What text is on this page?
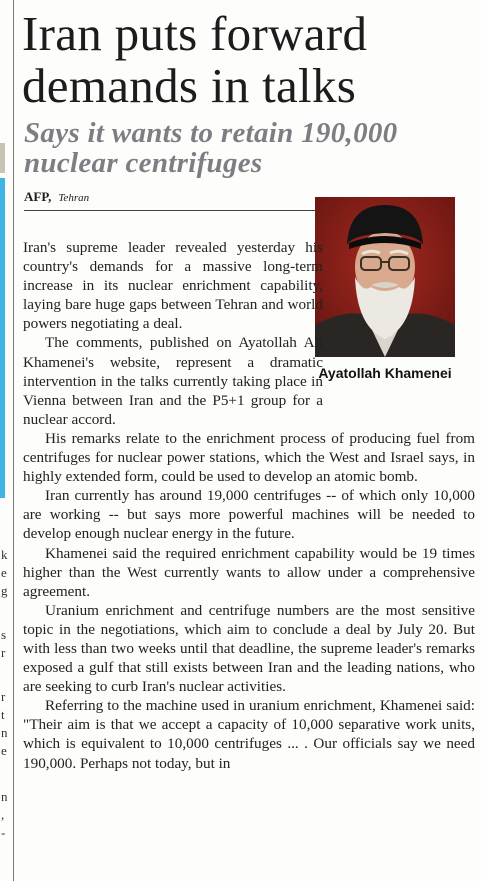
k
e
g
s
r
r
t
n
e
n
,
-
Iran puts forward demands in talks
Says it wants to retain 190,000 nuclear centrifuges
AFP, Tehran
Ayatollah Khamenei

Iran's supreme leader revealed yesterday his country's demands for a massive long-term increase in its nuclear enrichment capability, laying bare huge gaps between Tehran and world powers negotiating a deal.

The comments, published on Ayatollah Ali Khamenei's website, represent a dramatic intervention in the talks currently taking place in Vienna between Iran and the P5+1 group for a nuclear accord.

His remarks relate to the enrichment process of producing fuel from centrifuges for nuclear power stations, which the West and Israel says, in highly extended form, could be used to develop an atomic bomb.

Iran currently has around 19,000 centrifuges -- of which only 10,000 are working -- but says more powerful machines will be needed to develop enough nuclear energy in the future.

Khamenei said the required enrichment capability would be 19 times higher than the West currently wants to allow under a comprehensive agreement.

Uranium enrichment and centrifuge numbers are the most sensitive topic in the negotiations, which aim to conclude a deal by July 20. But with less than two weeks until that deadline, the supreme leader's remarks exposed a gulf that still exists between Iran and the leading nations, who are seeking to curb Iran's nuclear activities.

Referring to the machine used in uranium enrichment, Khamenei said: "Their aim is that we accept a capacity of 10,000 separative work units, which is equivalent to 10,000 centrifuges ... . Our officials say we need 190,000. Perhaps not today, but in
